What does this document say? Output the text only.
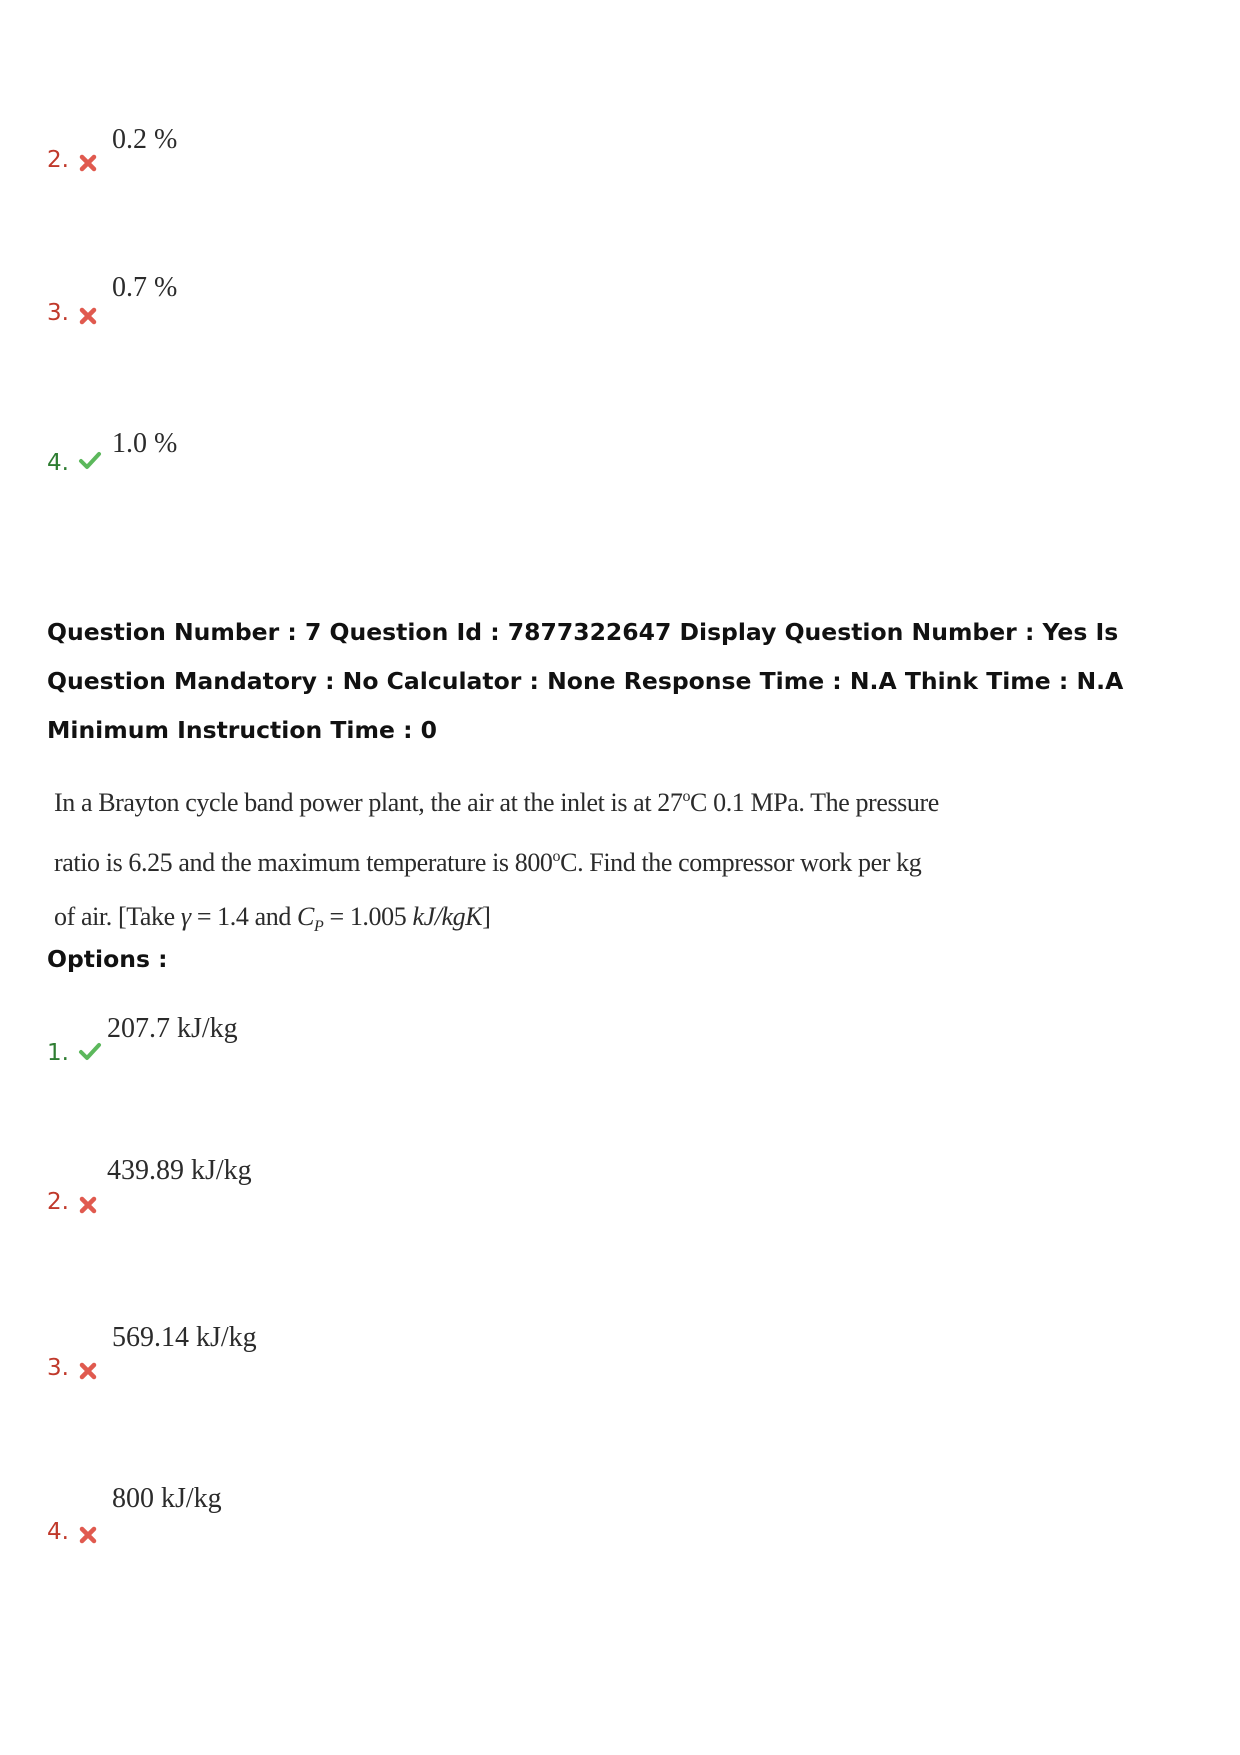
0.2 %
2.
0.7 %
3.
1.0 %
4.
Question Number : 7 Question Id : 7877322647 Display Question Number : Yes Is Question Mandatory : No Calculator : None Response Time : N.A Think Time : N.A Minimum Instruction Time : 0
In a Brayton cycle band power plant, the air at the inlet is at 27$^o$C 0.1 MPa. The pressure
ratio is 6.25 and the maximum temperature is 800$^o$C. Find the compressor work per kg
of air. [Take γ = 1.4 and $C_P = 1.005$ kJ/kgK]
Options :
207.7 kJ/kg
1.
439.89 kJ/kg
2.
569.14 kJ/kg
3.
800 kJ/kg
4.
